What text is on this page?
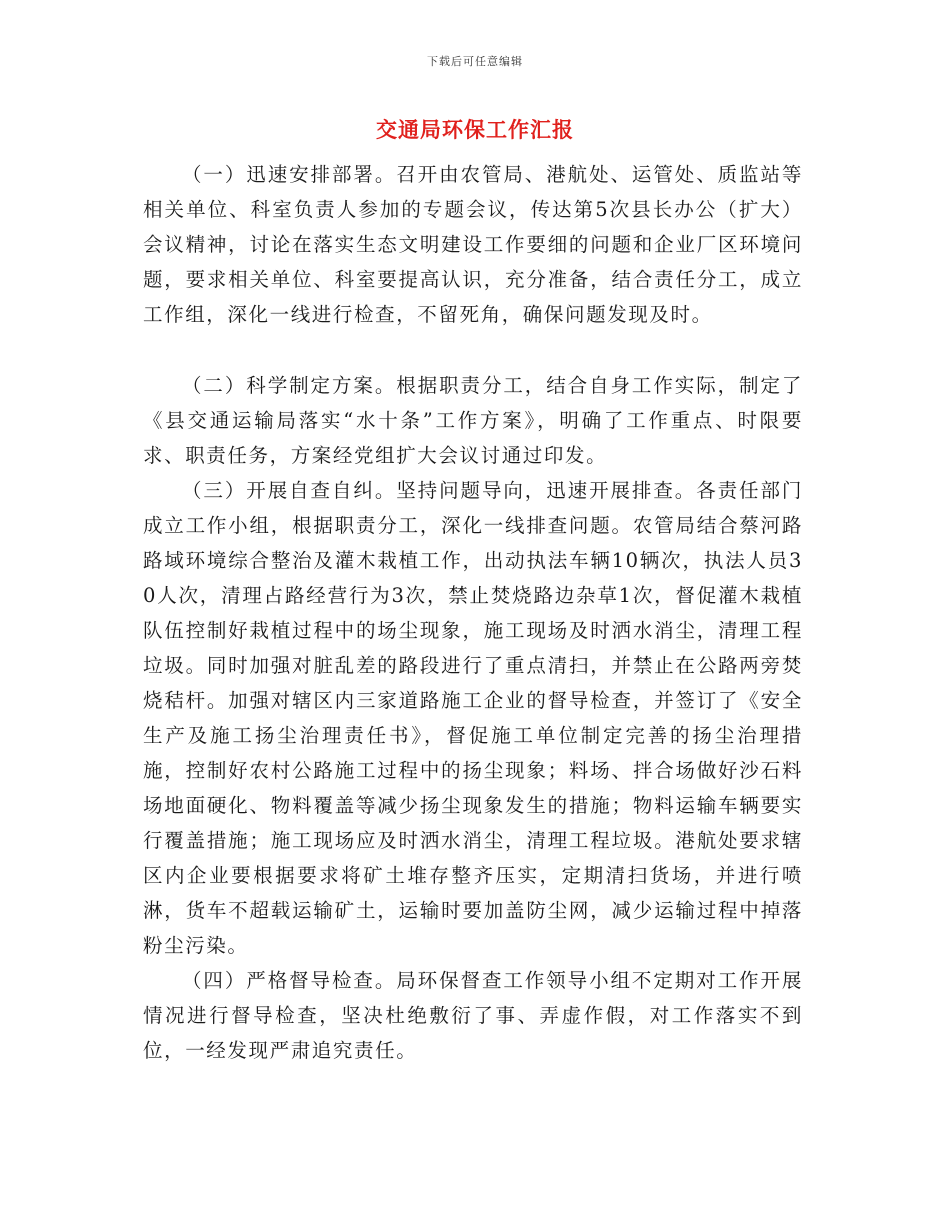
下载后可任意编辑
交通局环保工作汇报

（一）迅速安排部署。召开由农管局、港航处、运管处、质监站等相关单位、科室负责人参加的专题会议，传达第5次县长办公（扩大）会议精神，讨论在落实生态文明建设工作要细的问题和企业厂区环境问题，要求相关单位、科室要提高认识，充分准备，结合责任分工，成立工作组，深化一线进行检查，不留死角，确保问题发现及时。

（二）科学制定方案。根据职责分工，结合自身工作实际，制定了《县交通运输局落实“水十条”工作方案》，明确了工作重点、时限要求、职责任务，方案经党组扩大会议讨通过印发。

（三）开展自查自纠。坚持问题导向，迅速开展排查。各责任部门成立工作小组，根据职责分工，深化一线排查问题。农管局结合蔡河路路域环境综合整治及灌木栽植工作，出动执法车辆10辆次，执法人员30人次，清理占路经营行为3次，禁止焚烧路边杂草1次，督促灌木栽植队伍控制好栽植过程中的场尘现象，施工现场及时洒水消尘，清理工程垃圾。同时加强对脏乱差的路段进行了重点清扫，并禁止在公路两旁焚烧秸杆。加强对辖区内三家道路施工企业的督导检查，并签订了《安全生产及施工扬尘治理责任书》，督促施工单位制定完善的扬尘治理措施，控制好农村公路施工过程中的扬尘现象；料场、拌合场做好沙石料场地面硬化、物料覆盖等减少扬尘现象发生的措施；物料运输车辆要实行覆盖措施；施工现场应及时洒水消尘，清理工程垃圾。港航处要求辖区内企业要根据要求将矿土堆存整齐压实，定期清扫货场，并进行喷淋，货车不超载运输矿土，运输时要加盖防尘网，减少运输过程中掉落粉尘污染。

（四）严格督导检查。局环保督查工作领导小组不定期对工作开展情况进行督导检查，坚决杜绝敷衍了事、弄虚作假，对工作落实不到位，一经发现严肃追究责任。
